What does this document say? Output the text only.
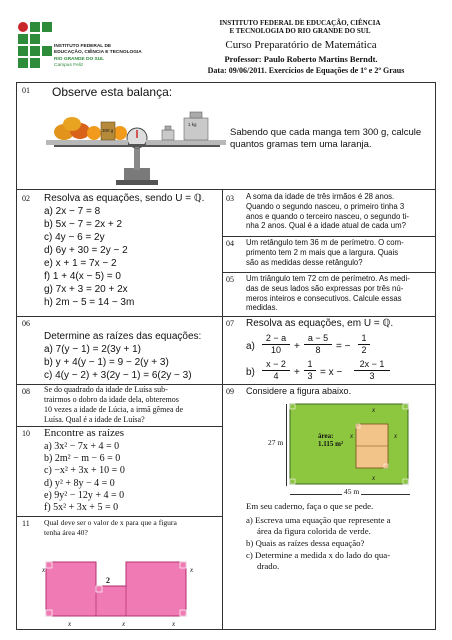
INSTITUTO FEDERAL DE
EDUCAÇÃO, CIÊNCIA E TECNOLOGIA
RIO GRANDE DO SUL
Campus Feliz
INSTITUTO FEDERAL DE EDUCAÇÃO, CIÊNCIA
E TECNOLOGIA DO RIO GRANDE DO SUL
Curso Preparatório de Matemática
Professor: Paulo Roberto Martins Berndt.
Data: 09/06/2011. Exercícios de Equações de 1º e 2º Graus
01 Observe esta balança:
300 g
1 kg
Sabendo que cada manga tem 300 g, calcule
quantos gramas tem uma laranja.
02 Resolva as equações, sendo U = ℚ.
a) 2x − 7 = 8
b) 5x − 7 = 2x + 2
c) 4y − 6 = 2y
d) 6y + 30 = 2y − 2
e) x + 1 = 7x − 2
f) 1 + 4(x − 5) = 0
g) 7x + 3 = 20 + 2x
h) 2m − 5 = 14 − 3m
03 A soma da idade de três irmãos é 28 anos.
Quando o segundo nasceu, o primeiro tinha 3
anos e quando o terceiro nasceu, o segundo ti-
nha 2 anos. Qual é a idade atual de cada um?
04 Um retângulo tem 36 m de perímetro. O com-
primento tem 2 m mais que a largura. Quais
são as medidas desse retângulo?
05 Um triângulo tem 72 cm de perímetro. As medi-
das de seus lados são expressas por três nú-
meros inteiros e consecutivos. Calcule essas
medidas.
06
Determine as raízes das equações:
a) 7(y − 1) = 2(3y + 1)
b) y + 4(y − 1) = 9 − 2(y + 3)
c) 4(y − 2) + 3(2y − 1) = 6(2y − 3)
07 Resolva as equações, em U = ℚ.
a)
2 − a
10	+
a − 5
8	= −
1
2
b)
x − 2
4	+
1
3 = x −
2x − 1
3
08 Se do quadrado da idade de Luísa sub-
trairmos o dobro da idade dela, obteremos
10 vezes a idade de Lúcia, a irmã gêmea de
Luísa. Qual é a idade de Luísa?
10 Encontre as raízes
a) 3x² − 7x + 4 = 0
b) 2m² − m − 6 = 0
c) −x² + 3x + 10 = 0
d) y² + 8y − 4 = 0
e) 9y² − 12y + 4 = 0
f) 5x² + 3x + 5 = 0
11 Qual deve ser o valor de x para que a figura
tenha área 40?
x	x
2
x	x	x
09 Considere a figura abaixo.
área:
1.115 m²
27 m
45 m
x
x	x
x
Em seu caderno, faça o que se pede.
a) Escreva uma equação que represente a
área da figura colorida de verde.
b) Quais as raízes dessa equação?
c) Determine a medida x do lado do qua-
drado.
